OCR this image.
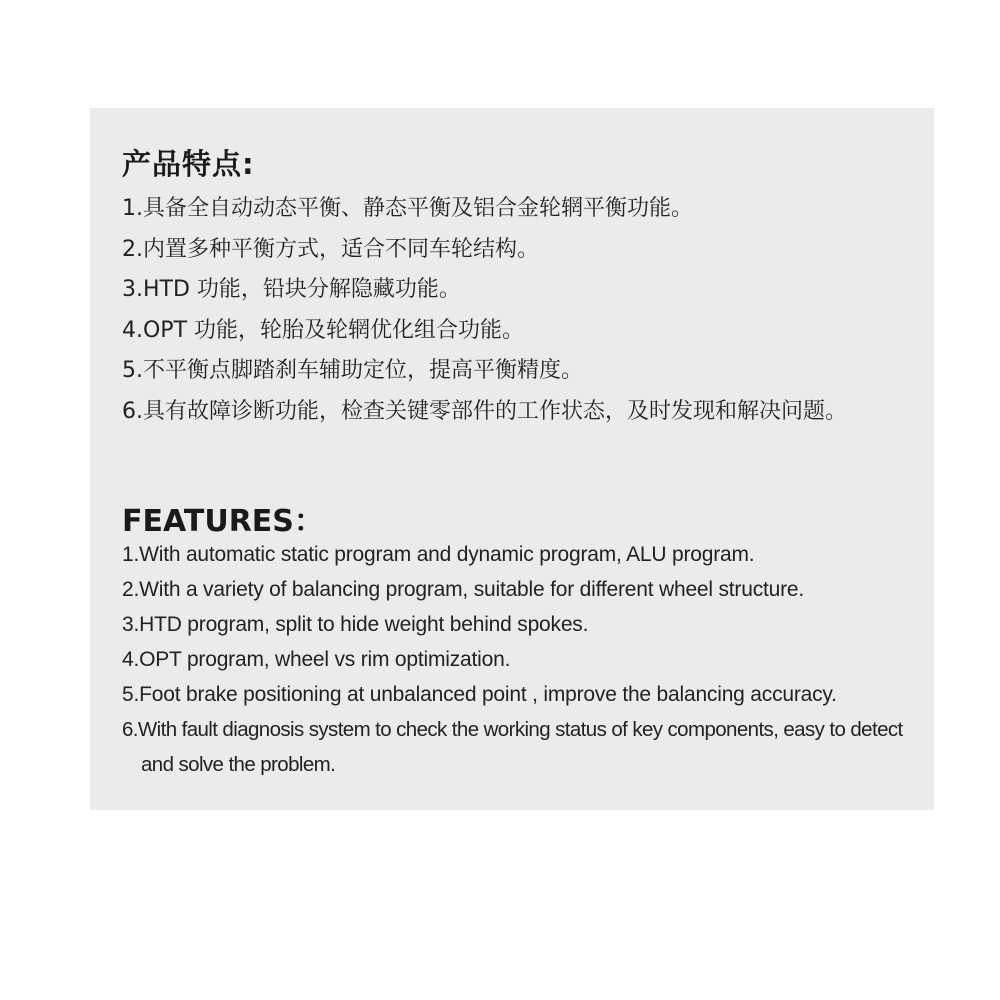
产品特点:
1.具备全自动动态平衡、静态平衡及铝合金轮辋平衡功能。
2.内置多种平衡方式，适合不同车轮结构。
3.HTD 功能，铅块分解隐藏功能。
4.OPT 功能，轮胎及轮辋优化组合功能。
5.不平衡点脚踏刹车辅助定位，提高平衡精度。
6.具有故障诊断功能，检查关键零部件的工作状态，及时发现和解决问题。
FEATURES：
1.With automatic static program and dynamic program, ALU program.
2.With a variety of balancing program, suitable for different wheel structure.
3.HTD program, split to hide weight behind spokes.
4.OPT program, wheel vs rim optimization.
5.Foot brake positioning at unbalanced point , improve the balancing accuracy.
6.With fault diagnosis system to check the working status of key components, easy to detect and solve the problem.
